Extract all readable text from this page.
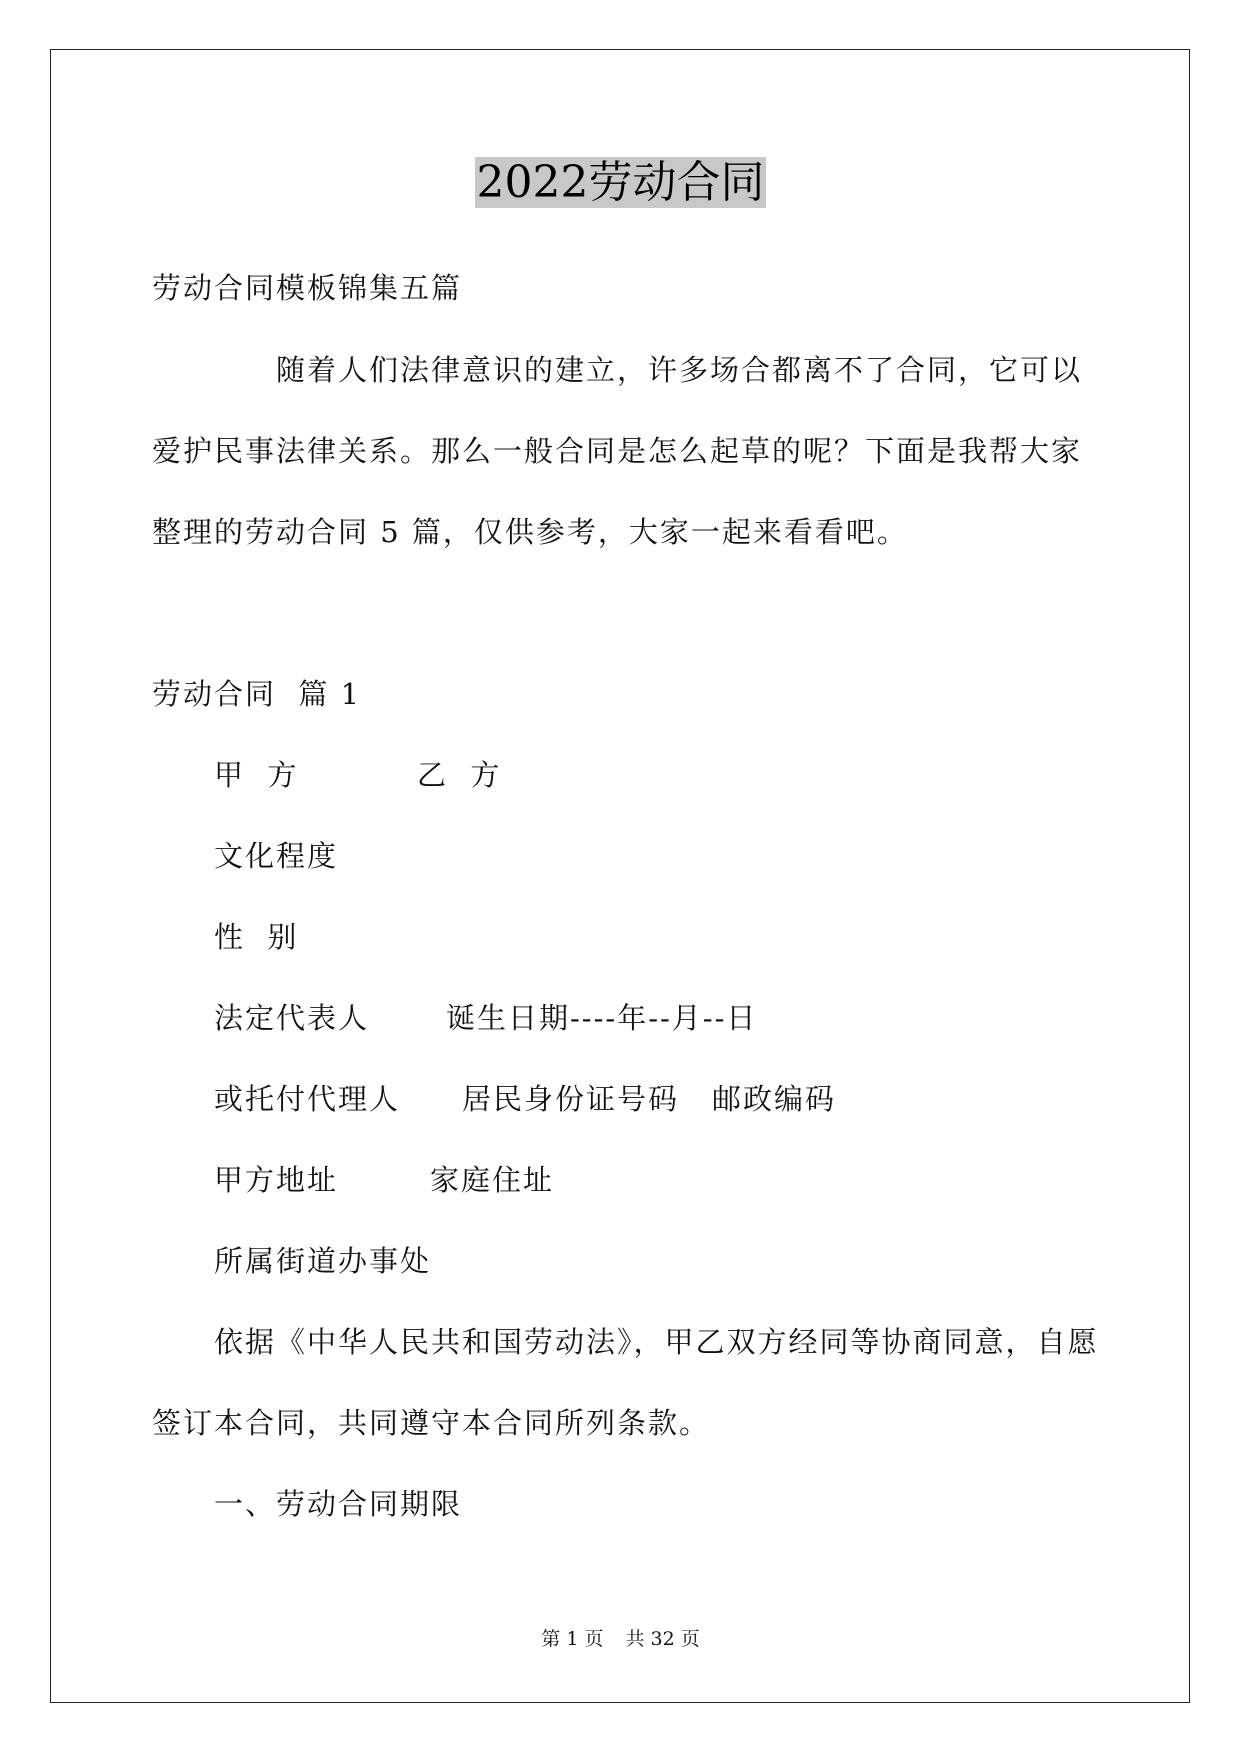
2022劳动合同
劳动合同模板锦集五篇
随着人们法律意识的建立，许多场合都离不了合同，它可以
爱护民事法律关系。那么一般合同是怎么起草的呢？下面是我帮大家
整理的劳动合同 5 篇，仅供参考，大家一起来看看吧。
劳动合同  篇 1
甲  方	乙  方
文化程度
性  别
法定代表人	诞生日期----年--月--日
或托付代理人 居民身份证号码 邮政编码
甲方地址	家庭住址
所属街道办事处
依据《中华人民共和国劳动法》，甲乙双方经同等协商同意，自愿
签订本合同，共同遵守本合同所列条款。
一、劳动合同期限
第 1 页 共 32 页
